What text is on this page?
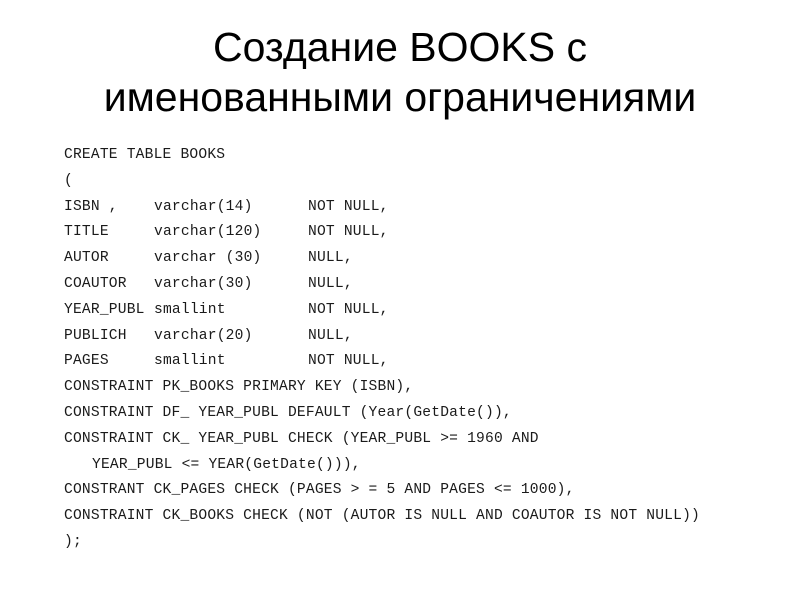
Создание BOOKS с
именованными ограничениями
CREATE TABLE BOOKS
(
ISBN , varchar(14)	NOT NULL,
TITLE	varchar(120)	NOT NULL,
AUTOR	varchar (30)	NULL,
COAUTOR varchar(30)	NULL,
YEAR_PUBL smallint	NOT NULL,
PUBLICH varchar(20)	NULL,
PAGES	smallint	NOT NULL,
CONSTRAINT PK_BOOKS PRIMARY KEY (ISBN),
CONSTRAINT DF_ YEAR_PUBL DEFAULT (Year(GetDate()),
CONSTRAINT CK_ YEAR_PUBL CHECK (YEAR_PUBL >= 1960 AND
YEAR_PUBL <= YEAR(GetDate())),
CONSTRANT CK_PAGES CHECK (PAGES > = 5 AND PAGES <= 1000),
CONSTRAINT CK_BOOKS CHECK (NOT (AUTOR IS NULL AND COAUTOR IS NOT NULL))
);
